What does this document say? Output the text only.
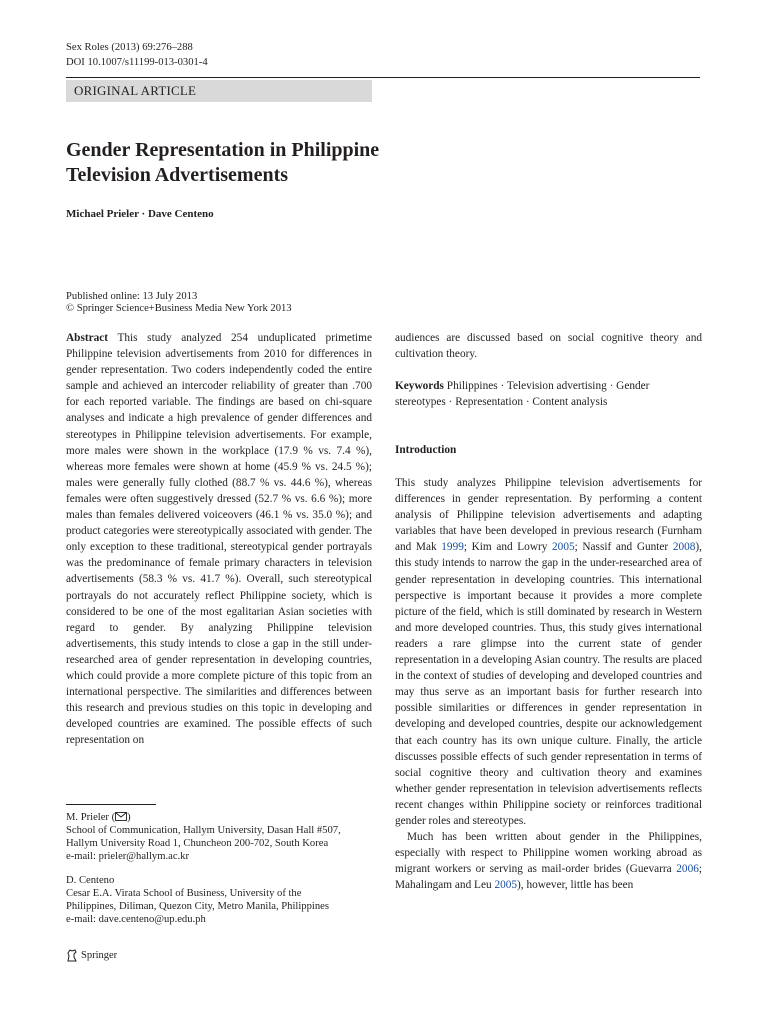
Sex Roles (2013) 69:276–288
DOI 10.1007/s11199-013-0301-4
ORIGINAL ARTICLE
Gender Representation in Philippine
Television Advertisements
Michael Prieler · Dave Centeno
Published online: 13 July 2013
© Springer Science+Business Media New York 2013

Abstract This study analyzed 254 unduplicated primetime Philippine television advertisements from 2010 for differences in gender representation. Two coders independently coded the entire sample and achieved an intercoder reliability of greater than .700 for each reported variable. The findings are based on chi-square analyses and indicate a high prevalence of gender differences and stereotypes in Philippine television advertisements. For example, more males were shown in the workplace (17.9 % vs. 7.4 %), whereas more females were shown at home (45.9 % vs. 24.5 %); males were generally fully clothed (88.7 % vs. 44.6 %), whereas females were often suggestively dressed (52.7 % vs. 6.6 %); more males than females delivered voiceovers (46.1 % vs. 35.0 %); and product categories were stereotypically associated with gender. The only exception to these traditional, stereotypical gender portrayals was the predominance of female primary characters in television advertisements (58.3 % vs. 41.7 %). Overall, such stereotypical portrayals do not accurately reflect Philippine society, which is considered to be one of the most egalitarian Asian societies with regard to gender. By analyzing Philippine television advertisements, this study intends to close a gap in the still under-researched area of gender representation in developing countries, which could provide a more complete picture of this topic from an international perspective. The similarities and differences between this research and previous studies on this topic in developing and developed countries are examined. The possible effects of such representation on

M. Prieler ( )

School of Communication, Hallym University, Dasan Hall #507,

Hallym University Road 1, Chuncheon 200-702, South Korea

e-mail: prieler@hallym.ac.kr

D. Centeno

Cesar E.A. Virata School of Business, University of the

Philippines, Diliman, Quezon City, Metro Manila, Philippines

e-mail: dave.centeno@up.edu.ph

audiences are discussed based on social cognitive theory and cultivation theory.

Keywords Philippines · Television advertising · Gender stereotypes · Representation · Content analysis

Introduction

This study analyzes Philippine television advertisements for differences in gender representation. By performing a content analysis of Philippine television advertisements and adapting variables that have been developed in previous research (Furnham and Mak 1999; Kim and Lowry 2005; Nassif and Gunter 2008), this study intends to narrow the gap in the under-researched area of gender representation in developing countries. This international perspective is important because it provides a more complete picture of the field, which is still dominated by research in Western and more developed countries. Thus, this study gives international readers a rare glimpse into the current state of gender representation in a developing Asian country. The results are placed in the context of studies of developing and developed countries and may thus serve as an important basis for further research into possible similarities or differences in gender representation in developing and developed countries, despite our acknowledgement that each country has its own unique culture. Finally, the article discusses possible effects of such gender representation in terms of social cognitive theory and cultivation theory and examines whether gender representation in television advertisements reflects recent changes within Philippine society or reinforces traditional gender roles and stereotypes.

Much has been written about gender in the Philippines, especially with respect to Philippine women working abroad as migrant workers or serving as mail-order brides (Guevarra 2006; Mahalingam and Leu 2005), however, little has been

Springer
